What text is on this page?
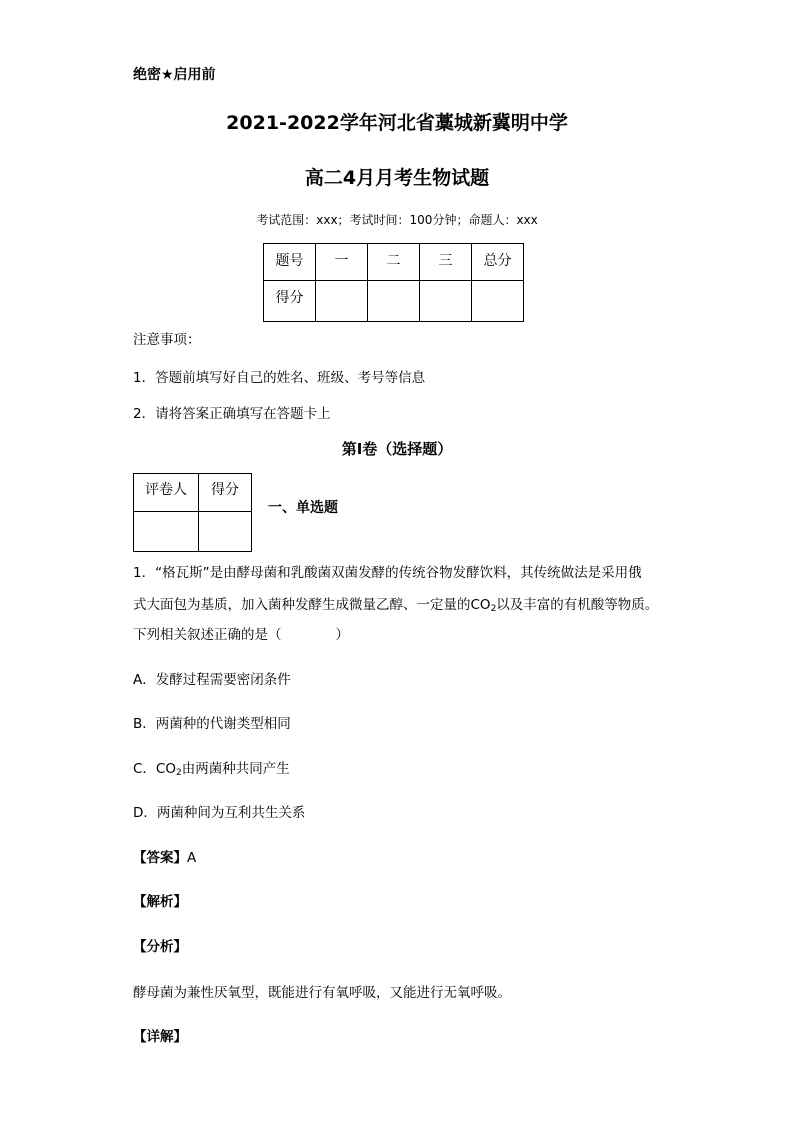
绝密★启用前
2021-2022学年河北省藁城新冀明中学
高二4月月考生物试题
考试范围：xxx；考试时间：100分钟；命题人：xxx
题号	一	二	三	总分
得分				
注意事项：
1．答题前填写好自己的姓名、班级、考号等信息
2．请将答案正确填写在答题卡上
第I卷（选择题）
评卷人	得分

一、单选题
1．“格瓦斯”是由酵母菌和乳酸菌双菌发酵的传统谷物发酵饮料，其传统做法是采用俄
式大面包为基质，加入菌种发酵生成微量乙醇、一定量的$CO_2$以及丰富的有机酸等物质。
下列相关叙述正确的是（　　　　）
A．发酵过程需要密闭条件
B．两菌种的代谢类型相同
C．$CO_2$由两菌种共同产生
D．两菌种间为互利共生关系
【答案】A
【解析】
【分析】
酵母菌为兼性厌氧型，既能进行有氧呼吸，又能进行无氧呼吸。
【详解】
